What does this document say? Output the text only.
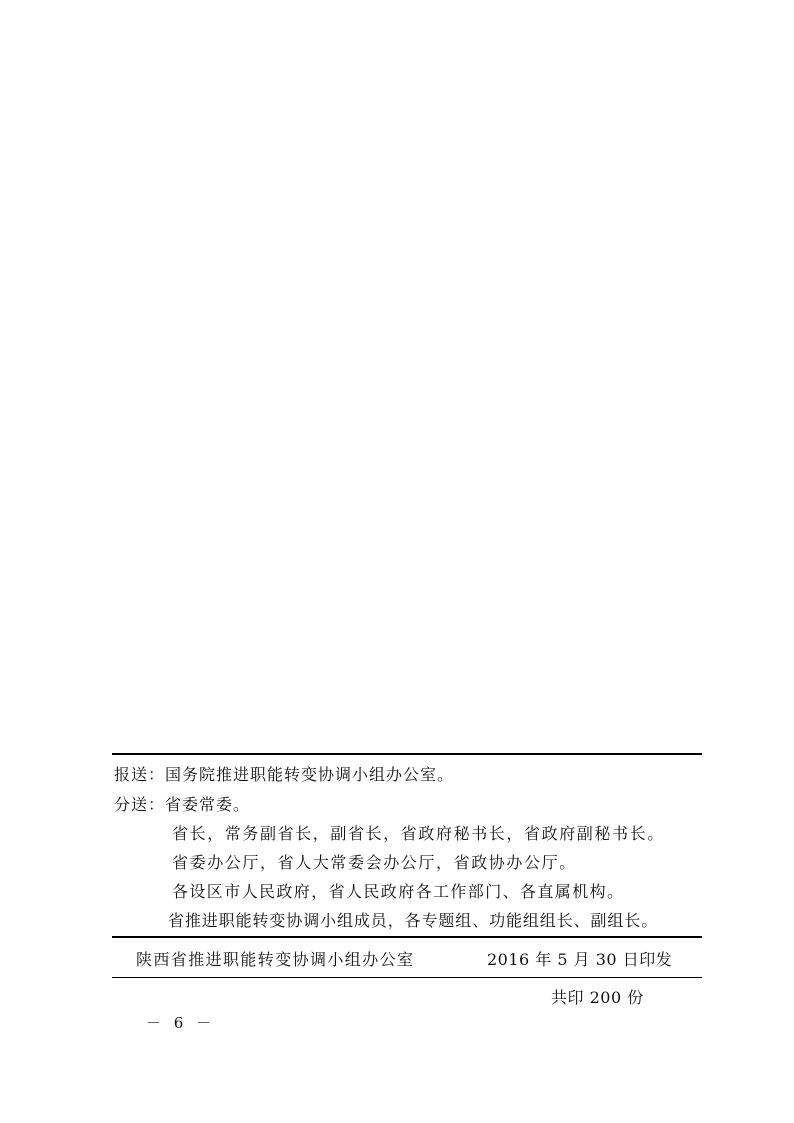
报送：国务院推进职能转变协调小组办公室。
分送：省委常委。
省长，常务副省长，副省长，省政府秘书长，省政府副秘书长。
省委办公厅，省人大常委会办公厅，省政协办公厅。
各设区市人民政府，省人民政府各工作部门、各直属机构。
省推进职能转变协调小组成员，各专题组、功能组组长、副组长。
陕西省推进职能转变协调小组办公室	2016 年 5 月 30 日印发
共印 200 份
－ 6 －
